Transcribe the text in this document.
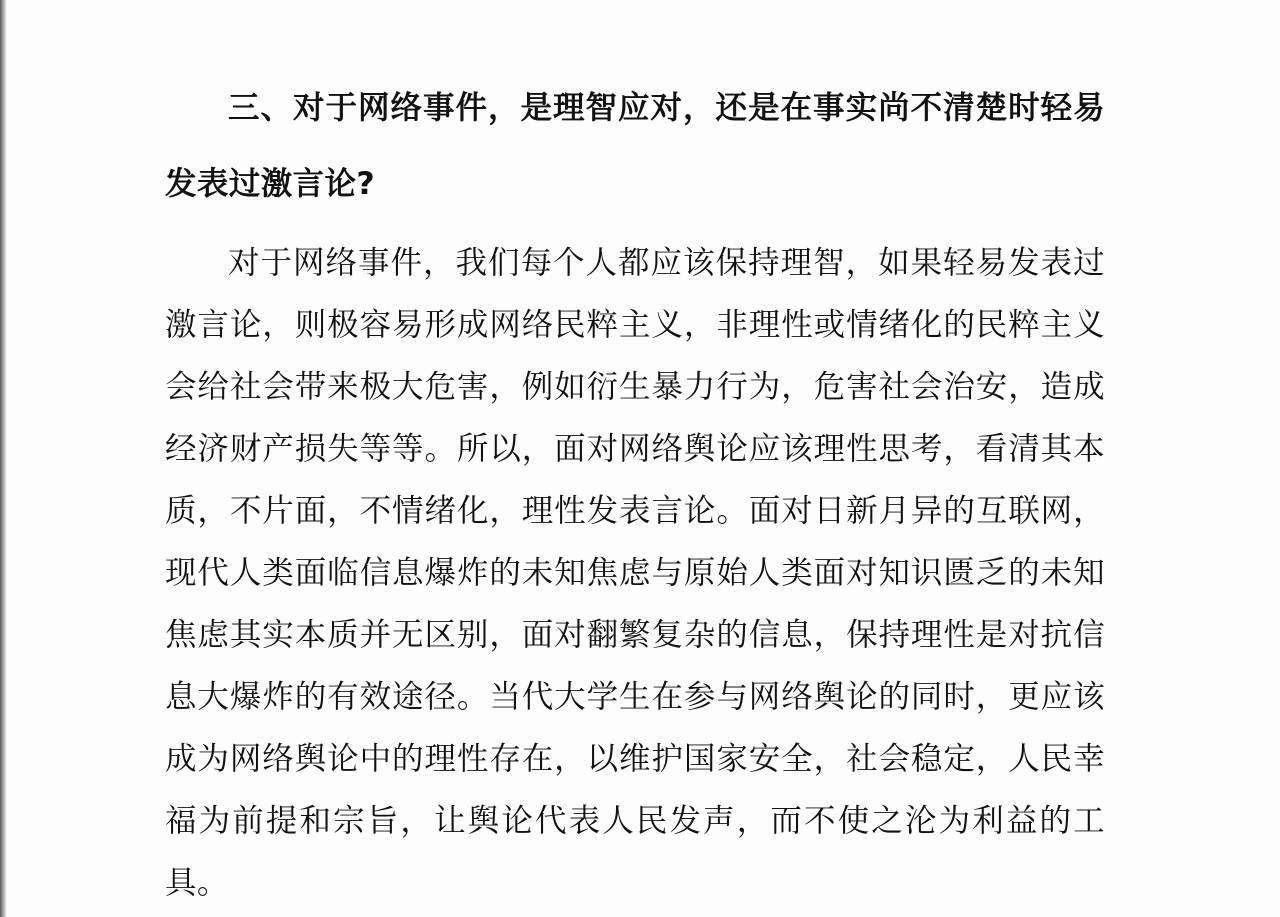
三、对于网络事件，是理智应对，还是在事实尚不清楚时轻易发表过激言论?

对于网络事件，我们每个人都应该保持理智，如果轻易发表过激言论，则极容易形成网络民粹主义，非理性或情绪化的民粹主义会给社会带来极大危害，例如衍生暴力行为，危害社会治安，造成经济财产损失等等。所以，面对网络舆论应该理性思考，看清其本质，不片面，不情绪化，理性发表言论。面对日新月异的互联网，现代人类面临信息爆炸的未知焦虑与原始人类面对知识匮乏的未知焦虑其实本质并无区别，面对翻繁复杂的信息，保持理性是对抗信息大爆炸的有效途径。当代大学生在参与网络舆论的同时，更应该成为网络舆论中的理性存在，以维护国家安全，社会稳定，人民幸福为前提和宗旨，让舆论代表人民发声，而不使之沦为利益的工具。
